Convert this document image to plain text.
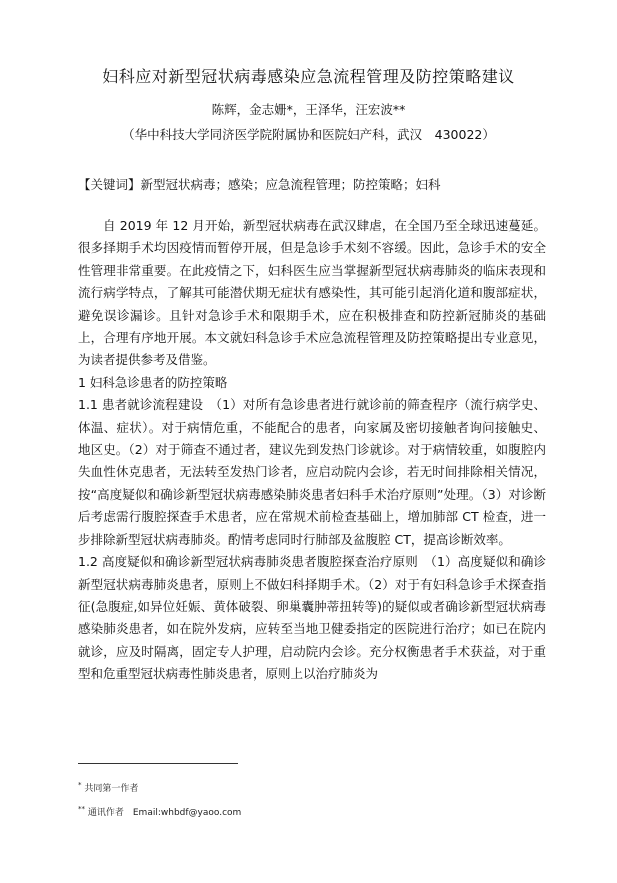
妇科应对新型冠状病毒感染应急流程管理及防控策略建议
陈辉，金志姗*，王泽华，汪宏波**
（华中科技大学同济医学院附属协和医院妇产科，武汉　430022）
【关键词】新型冠状病毒；感染；应急流程管理；防控策略；妇科

自 2019 年 12 月开始，新型冠状病毒在武汉肆虐，在全国乃至全球迅速蔓延。很多择期手术均因疫情而暂停开展，但是急诊手术刻不容缓。因此，急诊手术的安全性管理非常重要。在此疫情之下，妇科医生应当掌握新型冠状病毒肺炎的临床表现和流行病学特点，了解其可能潜伏期无症状有感染性，其可能引起消化道和腹部症状，避免误诊漏诊。且针对急诊手术和限期手术，应在积极排查和防控新冠肺炎的基础上，合理有序地开展。本文就妇科急诊手术应急流程管理及防控策略提出专业意见，为读者提供参考及借鉴。

1 妇科急诊患者的防控策略

1.1 患者就诊流程建设　（1）对所有急诊患者进行就诊前的筛查程序（流行病学史、体温、症状）。对于病情危重，不能配合的患者，向家属及密切接触者询问接触史、地区史。（2）对于筛查不通过者，建议先到发热门诊就诊。对于病情较重，如腹腔内失血性休克患者，无法转至发热门诊者，应启动院内会诊，若无时间排除相关情况，按“高度疑似和确诊新型冠状病毒感染肺炎患者妇科手术治疗原则”处理。（3）对诊断后考虑需行腹腔探查手术患者，应在常规术前检查基础上，增加肺部 CT 检查，进一步排除新型冠状病毒肺炎。酌情考虑同时行肺部及盆腹腔 CT，提高诊断效率。

1.2 高度疑似和确诊新型冠状病毒肺炎患者腹腔探查治疗原则　（1）高度疑似和确诊新型冠状病毒肺炎患者，原则上不做妇科择期手术。（2）对于有妇科急诊手术探查指征(急腹症,如异位妊娠、黄体破裂、卵巢囊肿蒂扭转等)的疑似或者确诊新型冠状病毒感染肺炎患者，如在院外发病，应转至当地卫健委指定的医院进行治疗；如已在院内就诊，应及时隔离，固定专人护理，启动院内会诊。充分权衡患者手术获益，对于重型和危重型冠状病毒性肺炎患者，原则上以治疗肺炎为

* 共同第一作者
** 通讯作者　Email:whbdf@yaoo.com
